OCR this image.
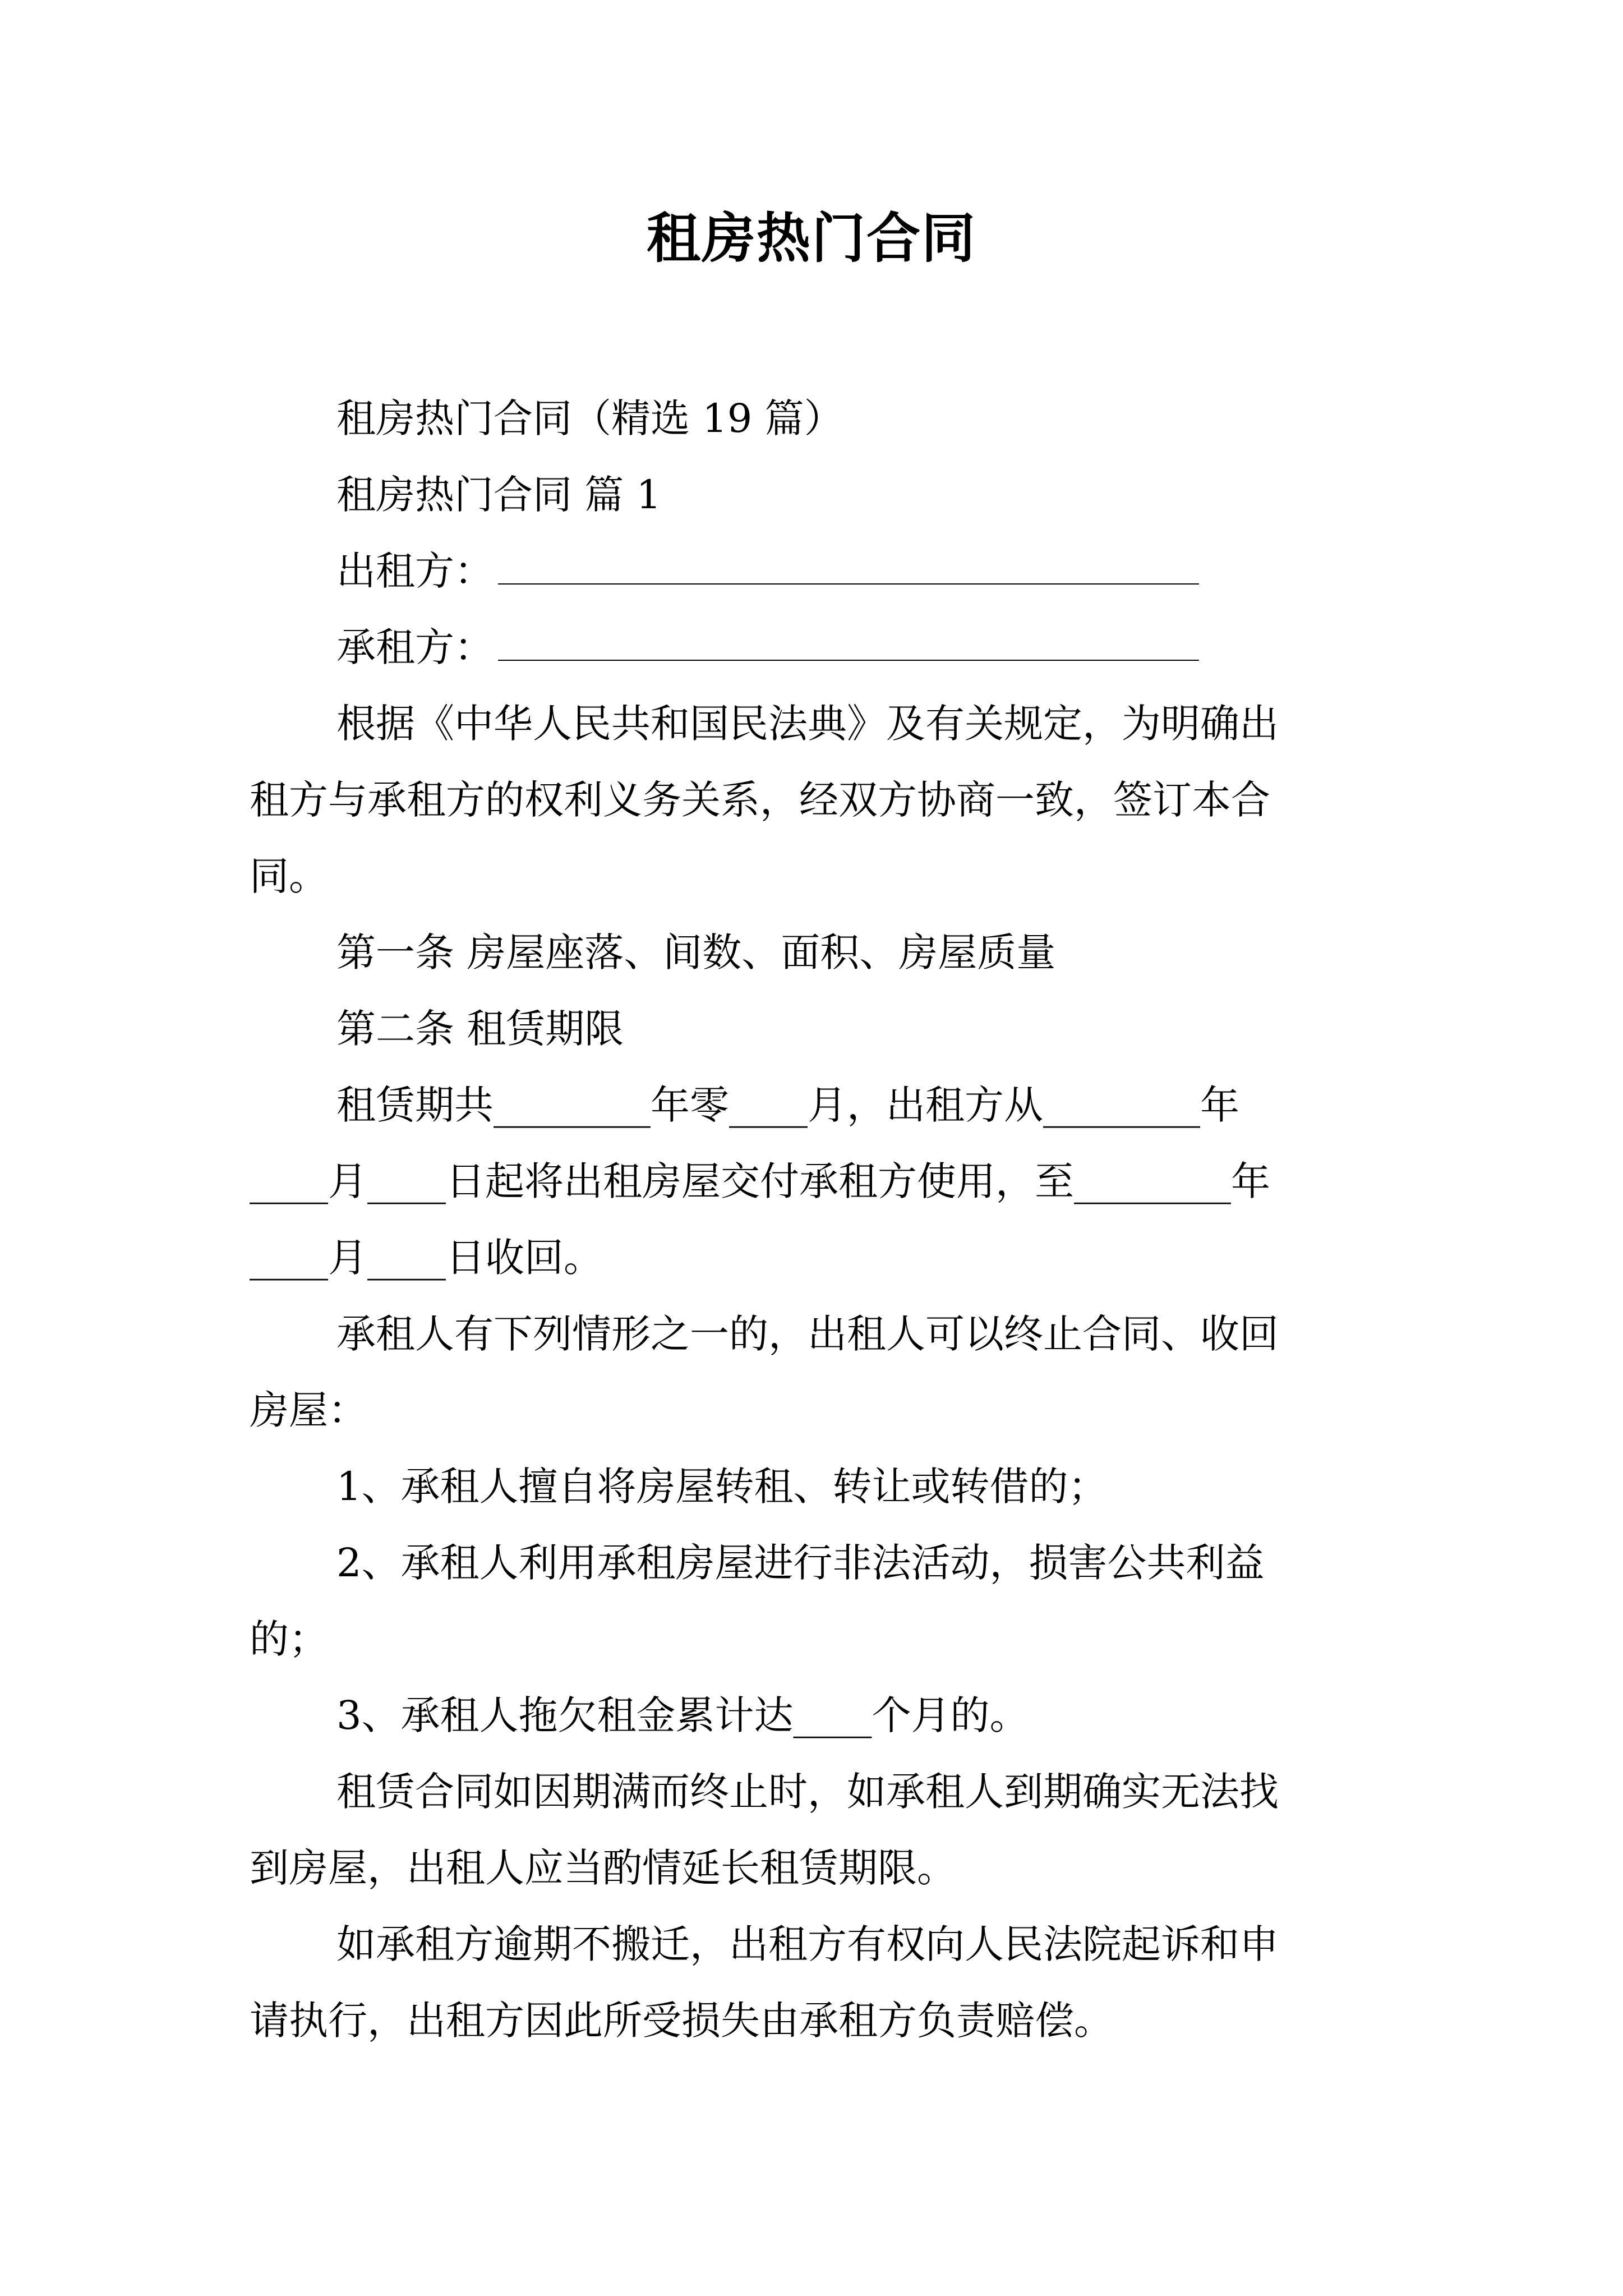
租房热门合同
租房热门合同（精选 19 篇）
租房热门合同 篇 1
出租方：
承租方：
根据《中华人民共和国民法典》及有关规定，为明确出
租方与承租方的权利义务关系，经双方协商一致，签订本合
同。
第一条 房屋座落、间数、面积、房屋质量
第二条 租赁期限
租赁期共________年零____月，出租方从________年
____月____日起将出租房屋交付承租方使用，至________年
____月____日收回。
承租人有下列情形之一的，出租人可以终止合同、收回
房屋：
1、承租人擅自将房屋转租、转让或转借的；
2、承租人利用承租房屋进行非法活动，损害公共利益
的；
3、承租人拖欠租金累计达____个月的。
租赁合同如因期满而终止时，如承租人到期确实无法找
到房屋，出租人应当酌情延长租赁期限。
如承租方逾期不搬迁，出租方有权向人民法院起诉和申
请执行，出租方因此所受损失由承租方负责赔偿。
